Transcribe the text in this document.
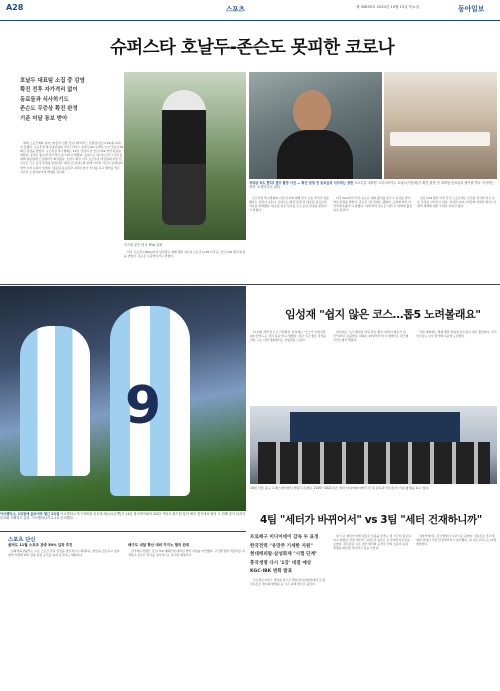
A28	스포츠	제 30835호 2020년 10월 15일 목요일	동아일보
슈퍼스타 호날두-존슨도 못피한 코로나
호날두 대표팀 소집 중 감염
확진 전후 자가격리 없이
동료들과 식사하기도
존슨도 무증상 확진 판정
기준 미달 통보 받아

세계 스포츠계의 슈퍼스타들이 신종 코로나바이러스 감염증(코로나19)을 피하지 못했다. 포르투갈 축구대표팀의 크리스티아누 호날두(35·유벤투스)가 코로나19 확진 판정을 받았다. 포르투갈 축구협회는 13일 "호날두가 코로나19 양성 판정을 받았다. 증상은 없으며 자가격리 중"이라고 밝혔다. 호날두는 네이션스리그 경기를 위해 대표팀에 소집됐다가 확진됐다. 호날두 확진 이후 포르투갈 대표팀의 다른 선수들은 모두 음성 판정을 받았지만, 확진 전 호날두와 함께 식사한 사진이 공개되며 방역 수칙 논란이 일었다. 대표팀 동료들과 나란히 앉아 식사를 하고 셀카를 찍은 사진이 소셜미디어에 게재된 것이다.

더스틴 존슨 미국 PGA 골퍼

미국 프로골프(PGA)투어 남자골프 세계 랭킹 1위 더스틴 존슨(36·미국)도 코로나19 확진 판정을 받았다. 존슨은 무증상이라고 밝혔다.

격리된 속도 빨리! 셀프 촬영 사진 — 확진 판정 전 동료들과 식사하는 장면 포르투갈 대표팀 크리스티아누 호날두(가운데)가 확진 판정 전 대표팀 동료들과 셀카를 찍고 식사하는 장면. 소셜미디어 캡처

포르투갈 축구협회의 이번 조치에 대해 선수 보호 관리가 허술했다는 지적이 나온다. 호날두는 확진 판정 전 대표팀 동료들과 식사를 함께했다. 대표팀 측은 선수들 모두 음성 판정을 받았다고 밝혔다.

미국 PGA투어 선수 존슨은 대회 출전을 앞두고 검사를 받아 양성 판정을 받았다. 존슨은 "몸 상태는 괜찮다. 규정에 따라 자가격리하겠다"고 말했다. 이에 따라 존슨은 이번 주 대회에 출전하지 못한다.

코로나19 확산 이후 각국 스포츠계는 무관중 경기와 선수 보호 조치를 이어가고 있다. 하지만 슈퍼스타들의 잇따른 확진으로 방역 체계에 대한 우려가 커지고 있다.

9
아르헨티나, 1위권에 올라서며 챙긴 2득점 아르헨티나 축구대표팀 리오넬 메시(오른쪽)가 14일 볼리비아와의 2022 카타르 월드컵 남미 예선 경기에서 팀의 두 번째 골이 터지자 동료와 기뻐하고 있다. 아르헨티나가 2-1로 승리했다.
임성재 "쉽지 않은 코스…톱5 노려볼래요"

더 CJ컵 개막 앞두고 기자회견. 임성재는 "코스가 어렵지만 톱5 안에 드는 것이 목표"라고 말했다. 지난 시즌 좋은 성적을 거둔 그는 이번 대회에서도 상위권을 노린다.

임성재는 "쇼트게임과 퍼팅 감이 좋다. 바람이 변수가 될 것"이라고 덧붙였다. 대회는 15일부터 미국 네바다주 라스베이거스에서 열린다.

이번 대회에는 세계 랭킹 상위권 선수들이 대거 출전한다. 한국 선수들도 다수 참가해 우승에 도전한다.

14일 서울 중구 프레스센터에서 열린 프로배구 2020~2021시즌 개막 미디어데이에서 각 팀 감독과 선수들이 기념 촬영을 하고 있다.
4팀 "세터가 바뀌어서" vs 3팀 "세터 건재하니까"
스포츠 단신
골퍼도 11월 스포츠 관중 50% 입장 추진

문화체육관광부는 프로 스포츠 관중 입장을 점진적으로 확대하는 방안을 검토하고 있다. 방역 상황에 따라 관중 입장 규모를 늘려 나간다는 계획이다.

배구도 내달 확산 대비 카지노 협의 완료

한국배구연맹은 코로나19 재확산에 대비한 방역 지침을 마련했다. 구단별 방역 책임자를 지정하고 선수단 검사를 정기적으로 실시할 예정이다.

프로배구 미디어데이 감독 두 표정
한국전력 "유망주 기세한 자원"
현대캐피탈·삼성화재 "시험 단계"
흥국생명 다시 '1강' 대결 예상
KGC·IBK 변화 발표

프로배구 V리그 개막을 앞두고 열린 미디어데이에서 각 팀 감독들은 세터의 변화를 올 시즌 최대 변수로 꼽았다.

새 시즌 세터가 바뀐 팀들은 호흡을 맞추는 데 시간이 필요하다고 밝혔다. 반면 세터가 그대로인 팀들은 조직력에 자신감을 보였다. 감독들은 시즌 초반 세터와 공격수 간의 호흡이 순위 경쟁을 좌우할 것이라고 입을 모았다.

여자부에서는 흥국생명이 '1강'으로 꼽혔다. 감독들은 흥국생명의 전력이 가장 안정적이라고 평가했다. 새 시즌 V리그는 17일 개막한다.
